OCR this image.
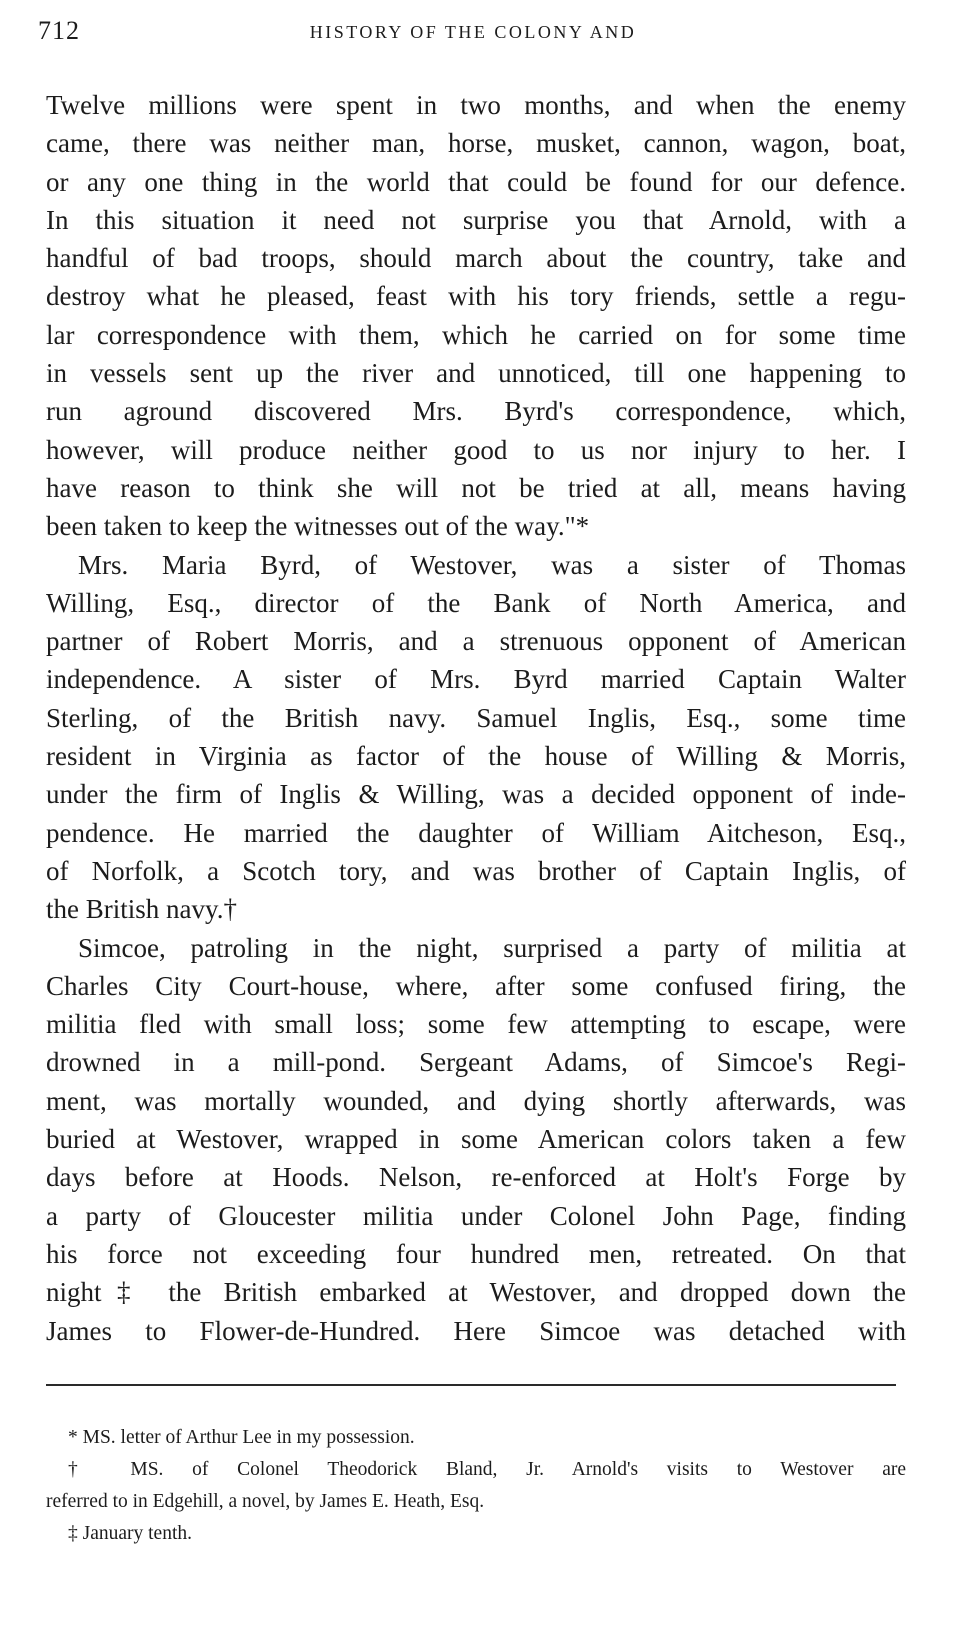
712	HISTORY OF THE COLONY AND
Twelve millions were spent in two months, and when the enemy
came, there was neither man, horse, musket, cannon, wagon, boat,
or any one thing in the world that could be found for our defence.
In this situation it need not surprise you that Arnold, with a
handful of bad troops, should march about the country, take and
destroy what he pleased, feast with his tory friends, settle a regu-
lar correspondence with them, which he carried on for some time
in vessels sent up the river and unnoticed, till one happening to
run aground discovered Mrs. Byrd's correspondence, which,
however, will produce neither good to us nor injury to her. I
have reason to think she will not be tried at all, means having
been taken to keep the witnesses out of the way."*
Mrs. Maria Byrd, of Westover, was a sister of Thomas
Willing, Esq., director of the Bank of North America, and
partner of Robert Morris, and a strenuous opponent of American
independence. A sister of Mrs. Byrd married Captain Walter
Sterling, of the British navy. Samuel Inglis, Esq., some time
resident in Virginia as factor of the house of Willing & Morris,
under the firm of Inglis & Willing, was a decided opponent of inde-
pendence. He married the daughter of William Aitcheson, Esq.,
of Norfolk, a Scotch tory, and was brother of Captain Inglis, of
the British navy.†
Simcoe, patroling in the night, surprised a party of militia at
Charles City Court-house, where, after some confused firing, the
militia fled with small loss; some few attempting to escape, were
drowned in a mill-pond. Sergeant Adams, of Simcoe's Regi-
ment, was mortally wounded, and dying shortly afterwards, was
buried at Westover, wrapped in some American colors taken a few
days before at Hoods. Nelson, re-enforced at Holt's Forge by
a party of Gloucester militia under Colonel John Page, finding
his force not exceeding four hundred men, retreated. On that
night‡ the British embarked at Westover, and dropped down the
James to Flower-de-Hundred. Here Simcoe was detached with
* MS. letter of Arthur Lee in my possession.
† MS. of Colonel Theodorick Bland, Jr. Arnold's visits to Westover are
referred to in Edgehill, a novel, by James E. Heath, Esq.
‡ January tenth.
